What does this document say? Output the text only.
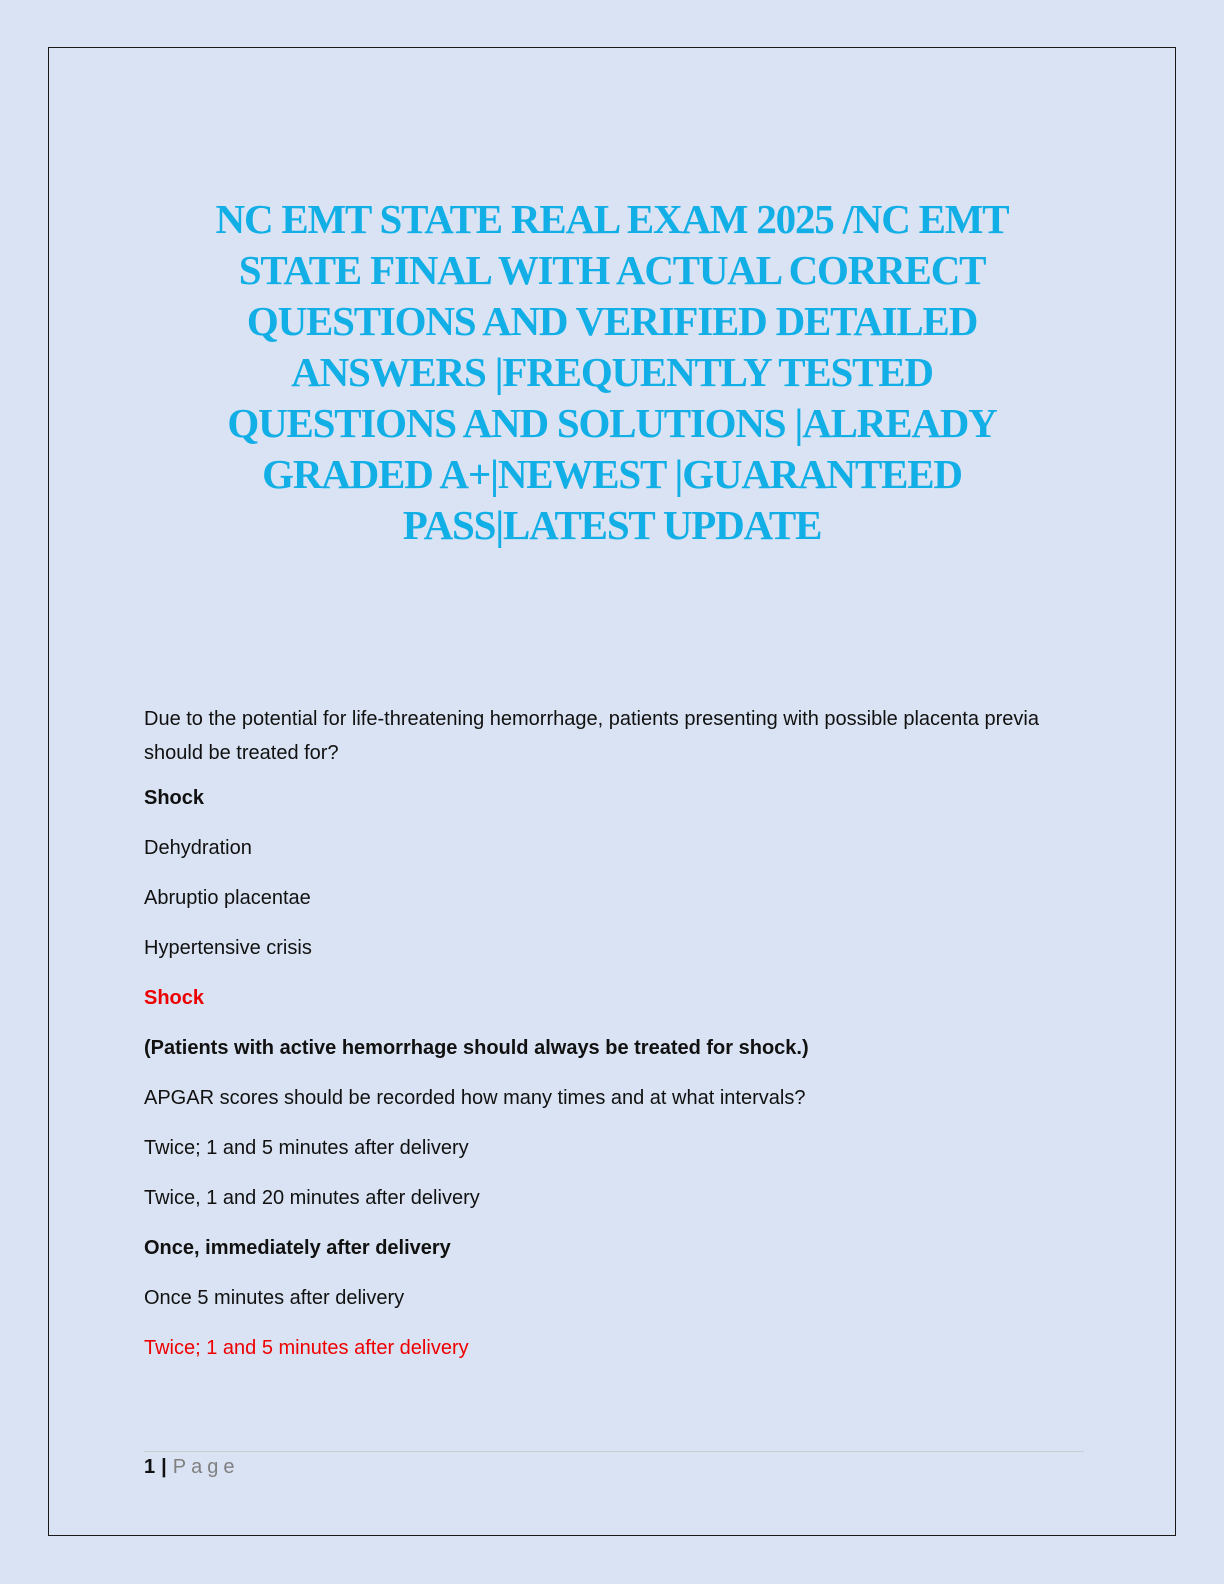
NC EMT STATE REAL EXAM 2025 /NC EMT
STATE FINAL WITH ACTUAL CORRECT
QUESTIONS AND VERIFIED DETAILED
ANSWERS |FREQUENTLY TESTED
QUESTIONS AND SOLUTIONS |ALREADY
GRADED A+|NEWEST |GUARANTEED
PASS|LATEST UPDATE

Due to the potential for life-threatening hemorrhage, patients presenting with possible placenta previa should be treated for?

Shock

Dehydration

Abruptio placentae

Hypertensive crisis

Shock

(Patients with active hemorrhage should always be treated for shock.)

APGAR scores should be recorded how many times and at what intervals?

Twice; 1 and 5 minutes after delivery

Twice, 1 and 20 minutes after delivery

Once, immediately after delivery

Once 5 minutes after delivery

Twice; 1 and 5 minutes after delivery

1 | Page
